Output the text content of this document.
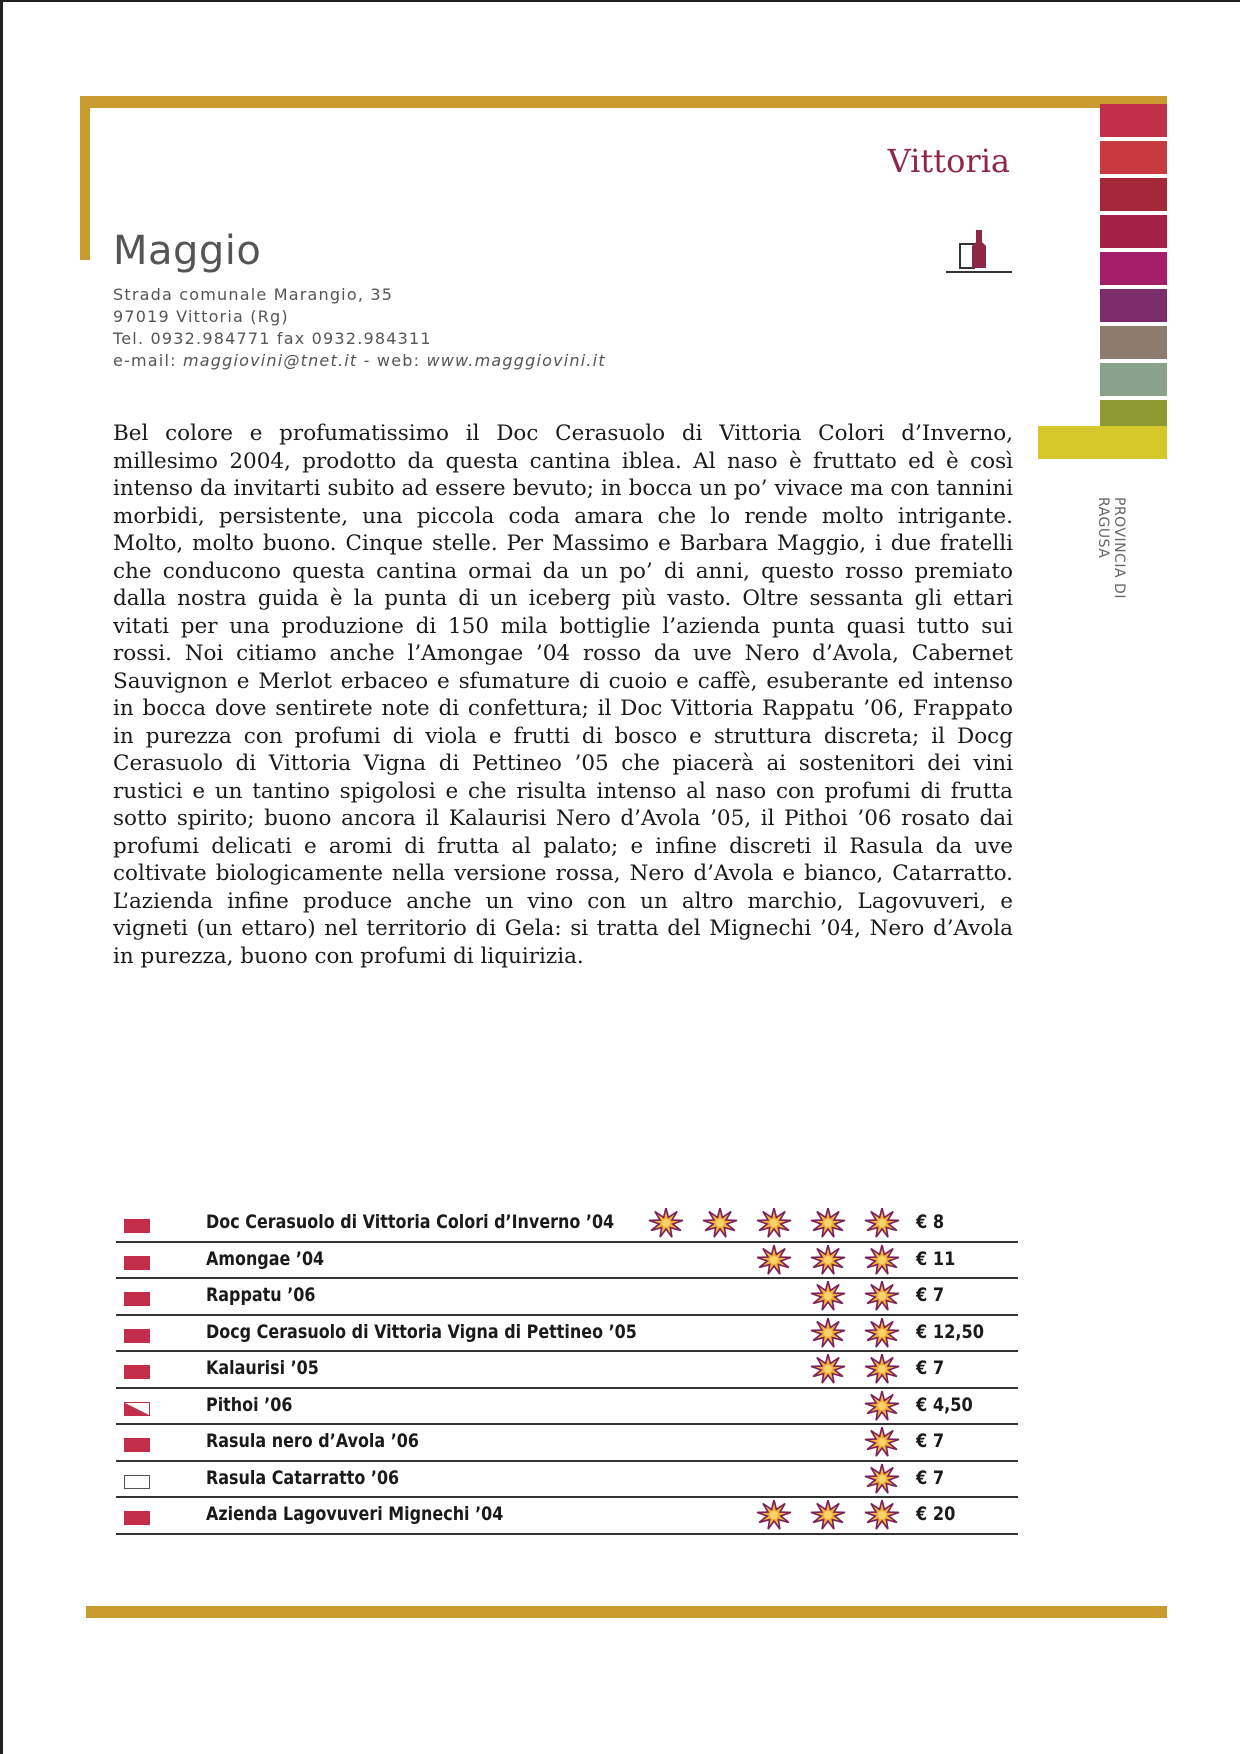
Vittoria
Maggio
Strada comunale Marangio, 35
97019 Vittoria (Rg)
Tel. 0932.984771 fax 0932.984311
e-mail: maggiovini@tnet.it - web: www.magggiovini.it
Bel colore e profumatissimo il Doc Cerasuolo di Vittoria Colori d’Inverno, millesimo 2004, prodotto da questa cantina iblea. Al naso è fruttato ed è così intenso da invitarti subito ad essere bevuto; in bocca un po’ vivace ma con tannini morbidi, persistente, una piccola coda amara che lo rende molto intrigante. Molto, molto buono. Cinque stelle. Per Massimo e Barbara Maggio, i due fratelli che conducono questa cantina ormai da un po’ di anni, questo rosso premiato dalla nostra guida è la punta di un iceberg più vasto. Oltre sessanta gli ettari vitati per una produzione di 150 mila bottiglie l’azienda punta quasi tutto sui rossi. Noi citiamo anche l’Amongae ’04 rosso da uve Nero d’Avola, Cabernet Sauvignon e Merlot erbaceo e sfumature di cuoio e caffè, esuberante ed intenso in bocca dove sentirete note di confettura; il Doc Vittoria Rappatu ’06, Frappato in purezza con profumi di viola e frutti di bosco e struttura discreta; il Docg Cerasuolo di Vittoria Vigna di Pettineo ’05 che piacerà ai sostenitori dei vini rustici e un tantino spigolosi e che risulta intenso al naso con profumi di frutta sotto spirito; buono ancora il Kalaurisi Nero d’Avola ’05, il Pithoi ’06 rosato dai profumi delicati e aromi di frutta al palato; e infine discreti il Rasula da uve coltivate biologicamente nella versione rossa, Nero d’Avola e bianco, Catarratto. L’azienda infine produce anche un vino con un altro marchio, Lagovuveri, e vigneti (un ettaro) nel territorio di Gela: si tratta del Mignechi ’04, Nero d’Avola in purezza, buono con profumi di liquirizia.
PROVINCIA DI RAGUSA
Doc Cerasuolo di Vittoria Colori d’Inverno ’04	€ 8
Amongae ’04	€ 11
Rappatu ’06	€ 7
Docg Cerasuolo di Vittoria Vigna di Pettineo ’05	€ 12,50
Kalaurisi ’05	€ 7
Pithoi ’06	€ 4,50
Rasula nero d’Avola ’06	€ 7
Rasula Catarratto ’06	€ 7
Azienda Lagovuveri Mignechi ’04	€ 20
